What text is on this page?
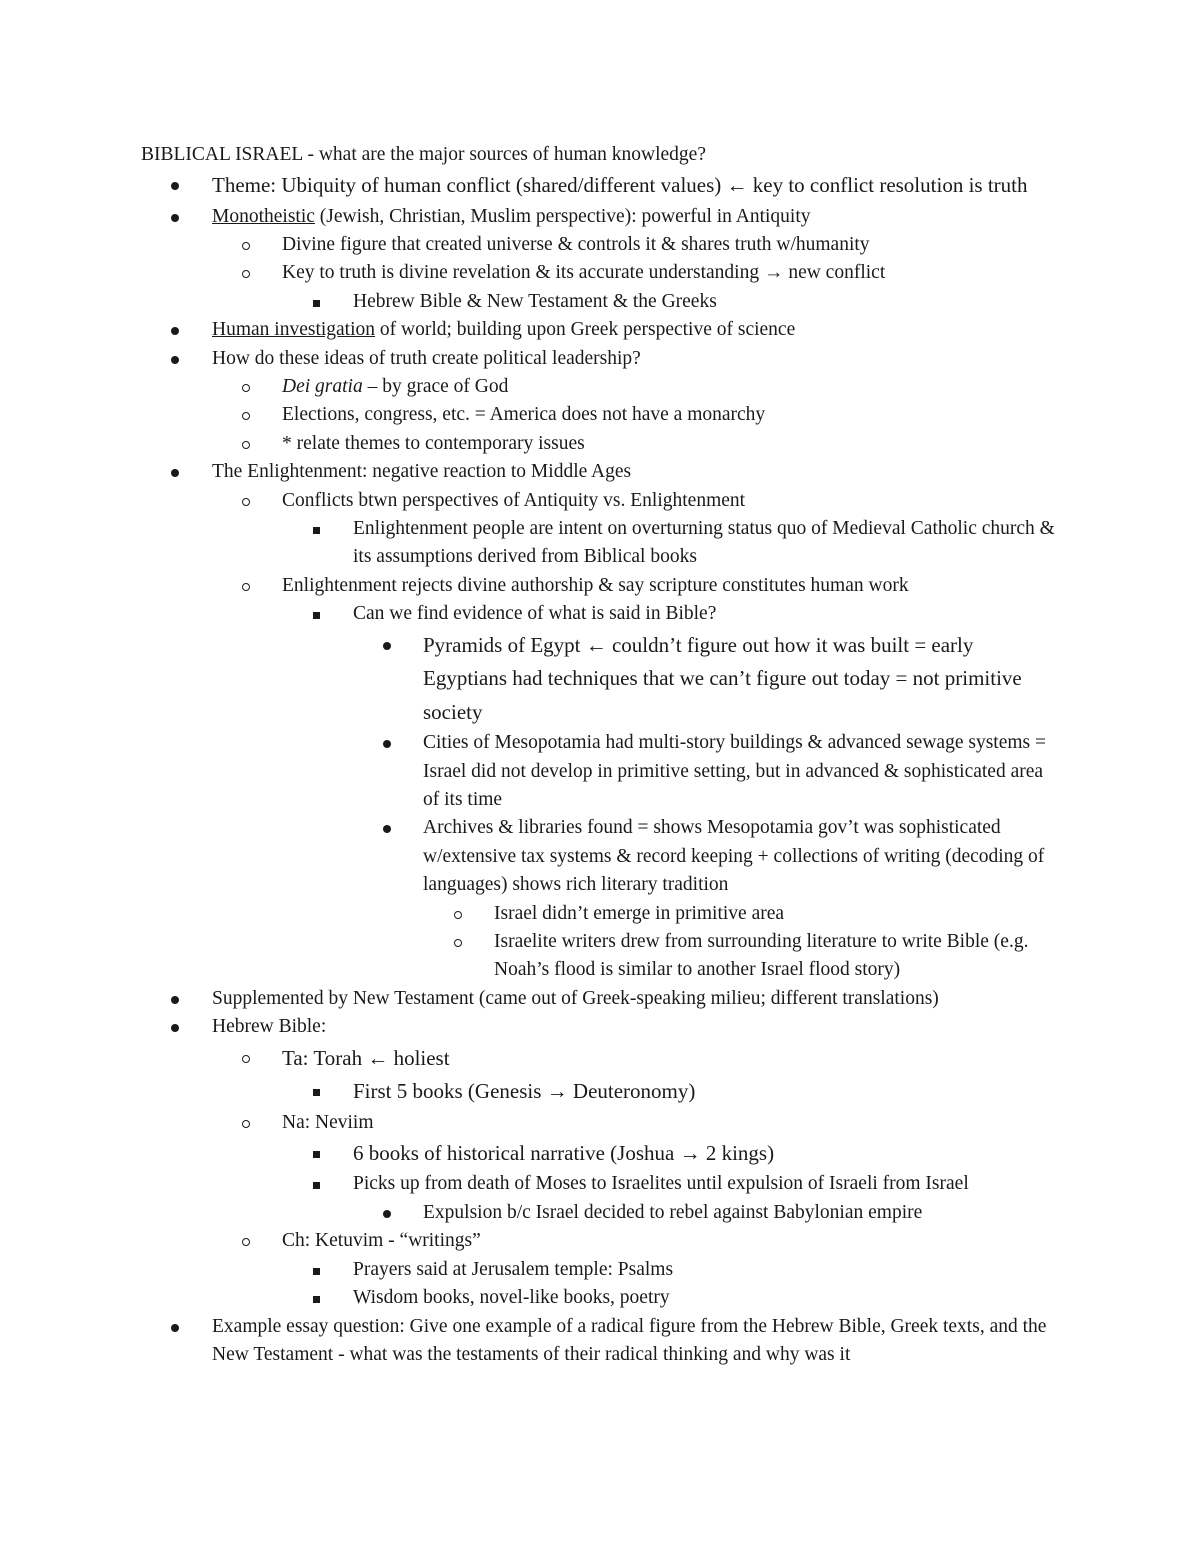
BIBLICAL ISRAEL - what are the major sources of human knowledge?

Theme: Ubiquity of human conflict (shared/different values) ← key to conflict resolution is truth
Monotheistic (Jewish, Christian, Muslim perspective): powerful in Antiquity
Divine figure that created universe & controls it & shares truth w/humanity
Key to truth is divine revelation & its accurate understanding → new conflict
Hebrew Bible & New Testament & the Greeks
Human investigation of world; building upon Greek perspective of science
How do these ideas of truth create political leadership?
Dei gratia – by grace of God
Elections, congress, etc. = America does not have a monarchy
* relate themes to contemporary issues
The Enlightenment: negative reaction to Middle Ages
Conflicts btwn perspectives of Antiquity vs. Enlightenment
Enlightenment people are intent on overturning status quo of Medieval Catholic church & its assumptions derived from Biblical books
Enlightenment rejects divine authorship & say scripture constitutes human work
Can we find evidence of what is said in Bible?
Pyramids of Egypt ← couldn’t figure out how it was built = early Egyptians had techniques that we can’t figure out today = not primitive society
Cities of Mesopotamia had multi-story buildings & advanced sewage systems = Israel did not develop in primitive setting, but in advanced & sophisticated area of its time
Archives & libraries found = shows Mesopotamia gov’t was sophisticated w/extensive tax systems & record keeping + collections of writing (decoding of languages) shows rich literary tradition
Israel didn’t emerge in primitive area
Israelite writers drew from surrounding literature to write Bible (e.g. Noah’s flood is similar to another Israel flood story)
Supplemented by New Testament (came out of Greek-speaking milieu; different translations)
Hebrew Bible:
Ta: Torah ← holiest
First 5 books (Genesis → Deuteronomy)
Na: Neviim
6 books of historical narrative (Joshua → 2 kings)
Picks up from death of Moses to Israelites until expulsion of Israeli from Israel
Expulsion b/c Israel decided to rebel against Babylonian empire
Ch: Ketuvim - “writings”
Prayers said at Jerusalem temple: Psalms
Wisdom books, novel-like books, poetry
Example essay question: Give one example of a radical figure from the Hebrew Bible, Greek texts, and the New Testament - what was the testaments of their radical thinking and why was it
